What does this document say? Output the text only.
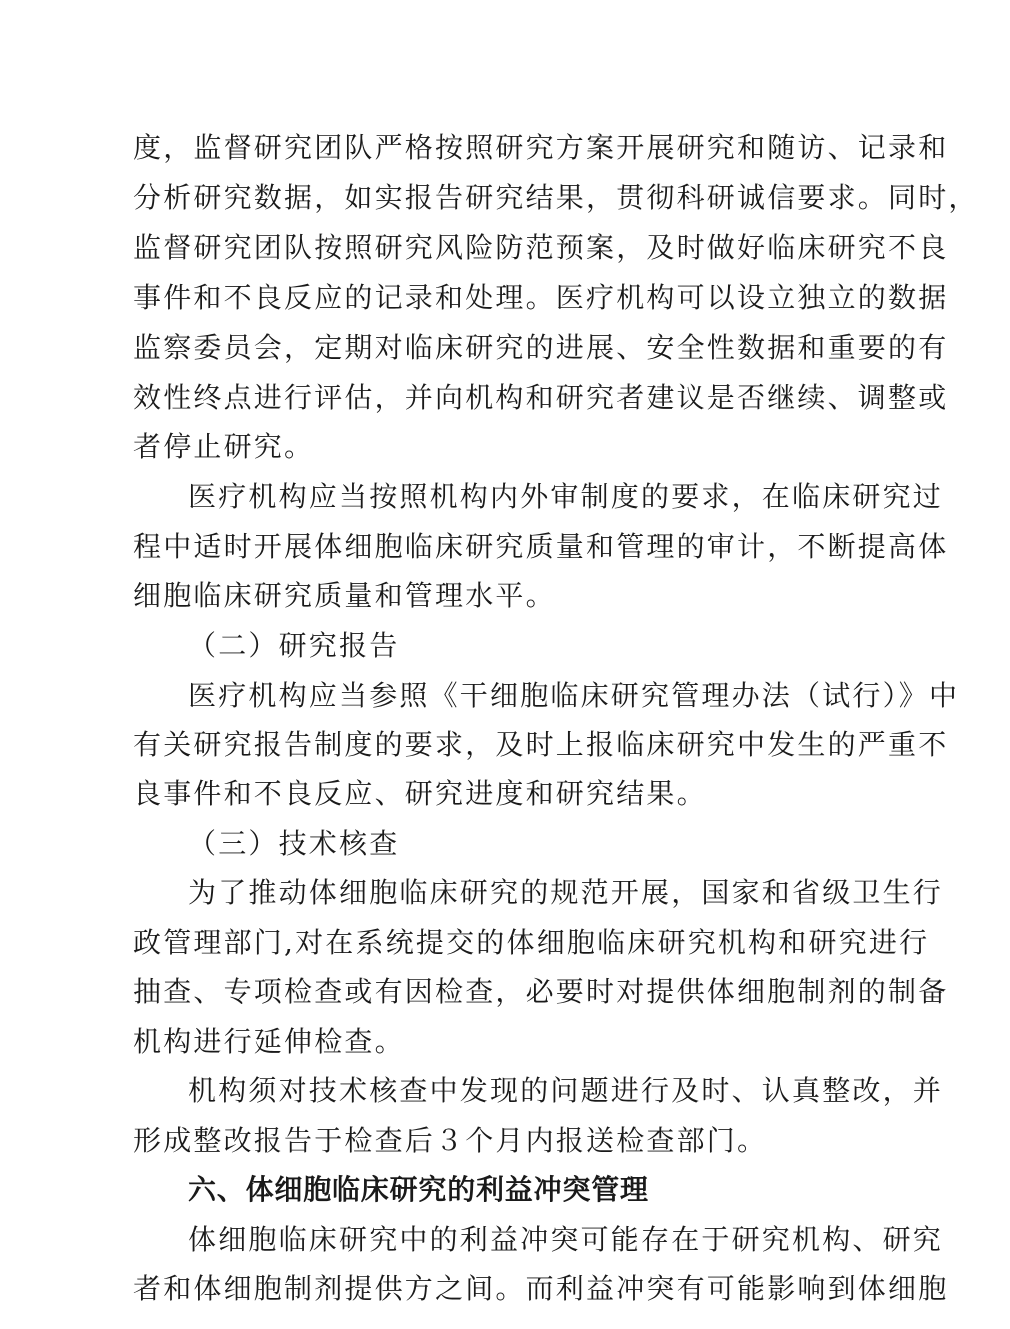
度，监督研究团队严格按照研究方案开展研究和随访、记录和
分析研究数据，如实报告研究结果，贯彻科研诚信要求。同时，
监督研究团队按照研究风险防范预案，及时做好临床研究不良
事件和不良反应的记录和处理。医疗机构可以设立独立的数据
监察委员会，定期对临床研究的进展、安全性数据和重要的有
效性终点进行评估，并向机构和研究者建议是否继续、调整或
者停止研究。
医疗机构应当按照机构内外审制度的要求，在临床研究过
程中适时开展体细胞临床研究质量和管理的审计，不断提高体
细胞临床研究质量和管理水平。
（二）研究报告
医疗机构应当参照《干细胞临床研究管理办法（试行）》中
有关研究报告制度的要求，及时上报临床研究中发生的严重不
良事件和不良反应、研究进度和研究结果。
（三）技术核查
为了推动体细胞临床研究的规范开展，国家和省级卫生行
政管理部门,对在系统提交的体细胞临床研究机构和研究进行
抽查、专项检查或有因检查，必要时对提供体细胞制剂的制备
机构进行延伸检查。
机构须对技术核查中发现的问题进行及时、认真整改，并
形成整改报告于检查后３个月内报送检查部门。
六、体细胞临床研究的利益冲突管理
体细胞临床研究中的利益冲突可能存在于研究机构、研究
者和体细胞制剂提供方之间。而利益冲突有可能影响到体细胞
